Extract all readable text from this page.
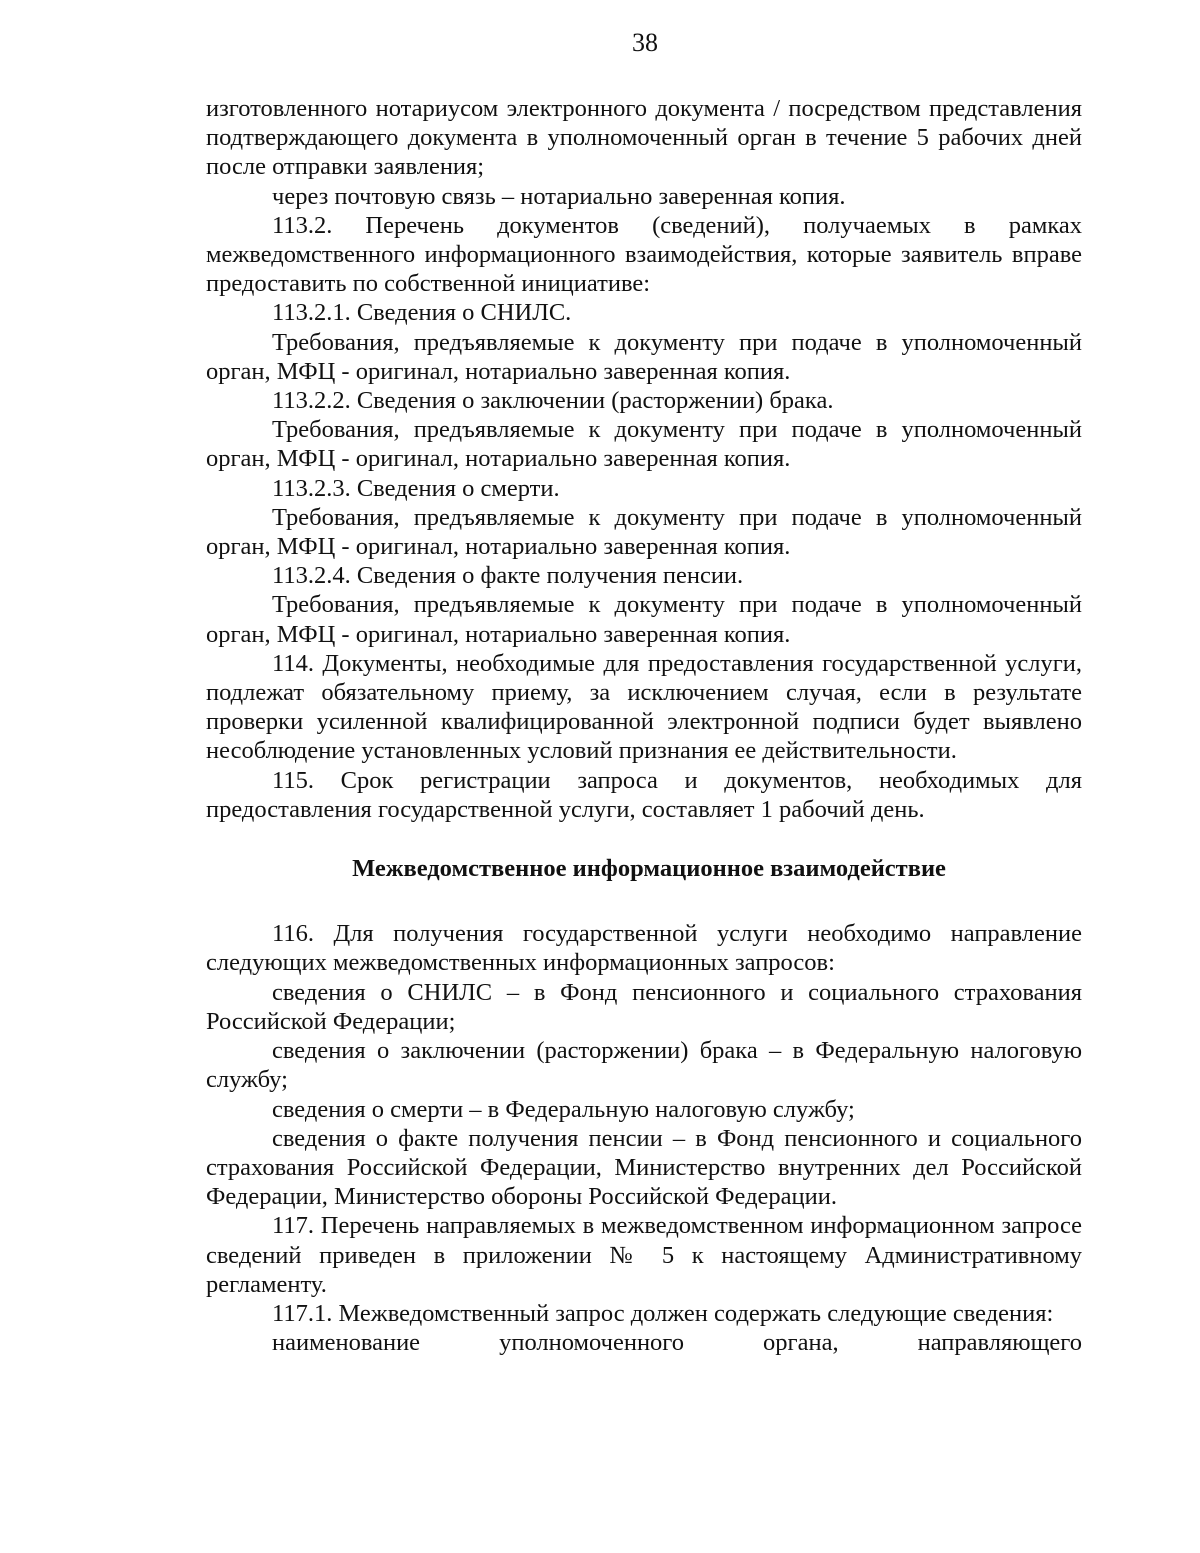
38

изготовленного нотариусом электронного документа / посредством представления подтверждающего документа в уполномоченный орган в течение 5 рабочих дней после отправки заявления;

через почтовую связь – нотариально заверенная копия.

113.2. Перечень документов (сведений), получаемых в рамках межведомственного информационного взаимодействия, которые заявитель вправе предоставить по собственной инициативе:

113.2.1. Сведения о СНИЛС.

Требования, предъявляемые к документу при подаче в уполномоченный орган, МФЦ - оригинал, нотариально заверенная копия.

113.2.2. Сведения о заключении (расторжении) брака.

Требования, предъявляемые к документу при подаче в уполномоченный орган, МФЦ - оригинал, нотариально заверенная копия.

113.2.3. Сведения о смерти.

Требования, предъявляемые к документу при подаче в уполномоченный орган, МФЦ - оригинал, нотариально заверенная копия.

113.2.4. Сведения о факте получения пенсии.

Требования, предъявляемые к документу при подаче в уполномоченный орган, МФЦ - оригинал, нотариально заверенная копия.

114. Документы, необходимые для предоставления государственной услуги, подлежат обязательному приему, за исключением случая, если в результате проверки усиленной квалифицированной электронной подписи будет выявлено несоблюдение установленных условий признания ее действительности.

115. Срок регистрации запроса и документов, необходимых для предоставления государственной услуги, составляет 1 рабочий день.

Межведомственное информационное взаимодействие

116. Для получения государственной услуги необходимо направление следующих межведомственных информационных запросов:

сведения о СНИЛС – в Фонд пенсионного и социального страхования Российской Федерации;

сведения о заключении (расторжении) брака – в Федеральную налоговую службу;

сведения о смерти – в Федеральную налоговую службу;

сведения о факте получения пенсии – в Фонд пенсионного и социального страхования Российской Федерации, Министерство внутренних дел Российской Федерации, Министерство обороны Российской Федерации.

117. Перечень направляемых в межведомственном информационном запросе сведений приведен в приложении № 5 к настоящему Административному регламенту.

117.1. Межведомственный запрос должен содержать следующие сведения:

наименование уполномоченного органа, направляющего
